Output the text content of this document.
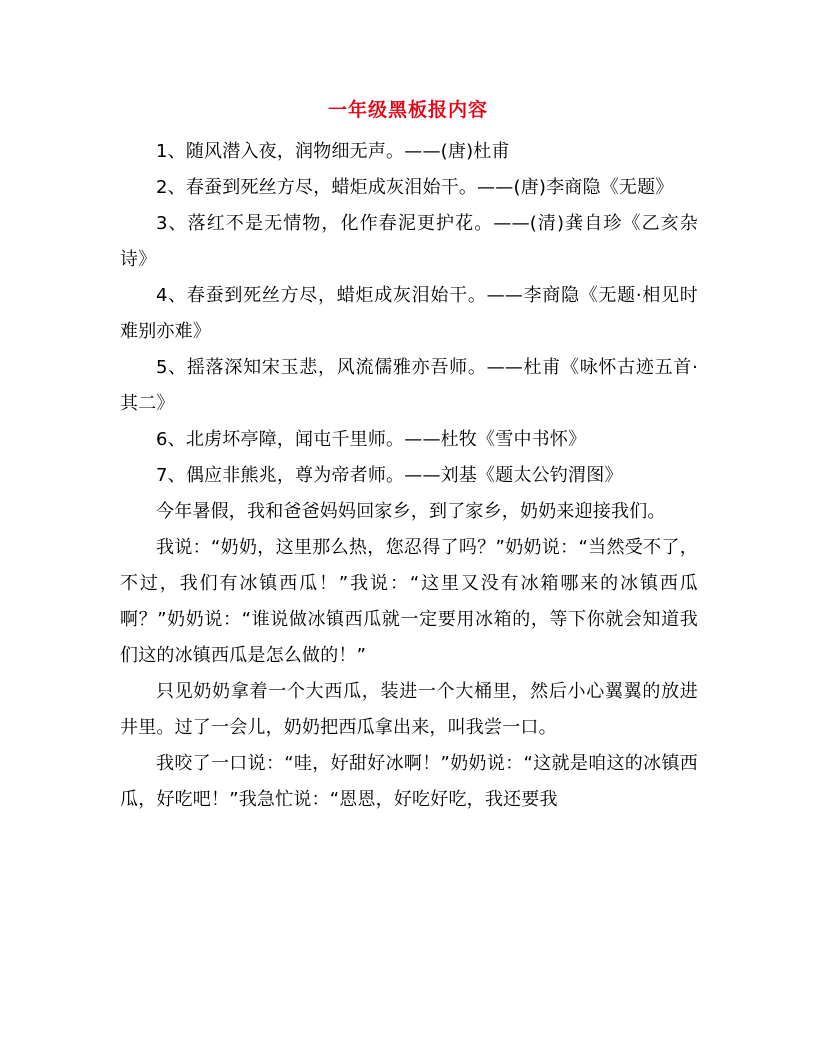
一年级黑板报内容

1、随风潜入夜，润物细无声。——(唐)杜甫

2、春蚕到死丝方尽，蜡炬成灰泪始干。——(唐)李商隐《无题》

3、落红不是无情物，化作春泥更护花。——(清)龚自珍《乙亥杂诗》

4、春蚕到死丝方尽，蜡炬成灰泪始干。——李商隐《无题·相见时难别亦难》

5、摇落深知宋玉悲，风流儒雅亦吾师。——杜甫《咏怀古迹五首·其二》

6、北虏坏亭障，闻屯千里师。——杜牧《雪中书怀》

7、偶应非熊兆，尊为帝者师。——刘基《题太公钓渭图》

今年暑假，我和爸爸妈妈回家乡，到了家乡，奶奶来迎接我们。

我说：“奶奶，这里那么热，您忍得了吗？”奶奶说：“当然受不了，不过，我们有冰镇西瓜！”我说：“这里又没有冰箱哪来的冰镇西瓜啊？”奶奶说：“谁说做冰镇西瓜就一定要用冰箱的，等下你就会知道我们这的冰镇西瓜是怎么做的！”

只见奶奶拿着一个大西瓜，装进一个大桶里，然后小心翼翼的放进井里。过了一会儿，奶奶把西瓜拿出来，叫我尝一口。

我咬了一口说：“哇，好甜好冰啊！”奶奶说：“这就是咱这的冰镇西瓜，好吃吧！”我急忙说：“恩恩，好吃好吃，我还要我
